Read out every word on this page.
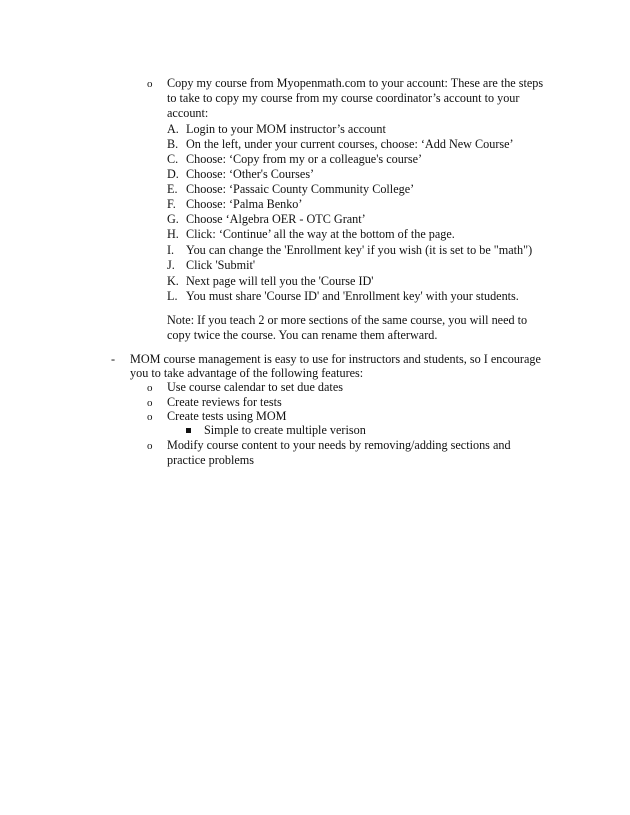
o Copy my course from Myopenmath.com to your account: These are the steps
to take to copy my course from my course coordinator’s account to your
account:
A. Login to your MOM instructor’s account
B. On the left, under your current courses, choose: ‘Add New Course’
C. Choose: ‘Copy from my or a colleague's course’
D. Choose: ‘Other's Courses’
E. Choose: ‘Passaic County Community College’
F. Choose: ‘Palma Benko’
G. Choose ‘Algebra OER - OTC Grant’
H. Click: ‘Continue’ all the way at the bottom of the page.
I. You can change the 'Enrollment key' if you wish (it is set to be "math")
J. Click 'Submit'
K. Next page will tell you the 'Course ID'
L. You must share 'Course ID' and 'Enrollment key' with your students.
Note: If you teach 2 or more sections of the same course, you will need to
copy twice the course. You can rename them afterward.
- MOM course management is easy to use for instructors and students, so I encourage
you to take advantage of the following features:
o Use course calendar to set due dates
o Create reviews for tests
o Create tests using MOM
Simple to create multiple verison
o Modify course content to your needs by removing/adding sections and
practice problems
